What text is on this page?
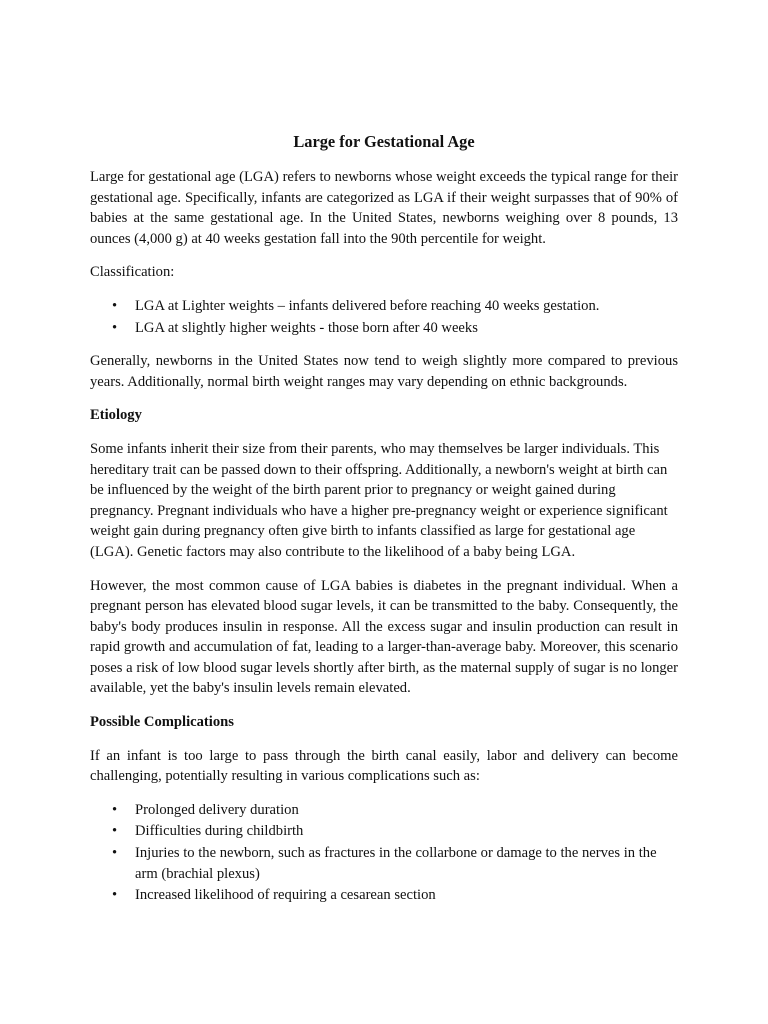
Large for Gestational Age

Large for gestational age (LGA) refers to newborns whose weight exceeds the typical range for their gestational age. Specifically, infants are categorized as LGA if their weight surpasses that of 90% of babies at the same gestational age. In the United States, newborns weighing over 8 pounds, 13 ounces (4,000 g) at 40 weeks gestation fall into the 90th percentile for weight.

Classification:

• LGA at Lighter weights – infants delivered before reaching 40 weeks gestation.
• LGA at slightly higher weights - those born after 40 weeks

Generally, newborns in the United States now tend to weigh slightly more compared to previous years. Additionally, normal birth weight ranges may vary depending on ethnic backgrounds.

Etiology

Some infants inherit their size from their parents, who may themselves be larger individuals. This hereditary trait can be passed down to their offspring. Additionally, a newborn's weight at birth can be influenced by the weight of the birth parent prior to pregnancy or weight gained during pregnancy. Pregnant individuals who have a higher pre-pregnancy weight or experience significant weight gain during pregnancy often give birth to infants classified as large for gestational age (LGA). Genetic factors may also contribute to the likelihood of a baby being LGA.

However, the most common cause of LGA babies is diabetes in the pregnant individual. When a pregnant person has elevated blood sugar levels, it can be transmitted to the baby. Consequently, the baby's body produces insulin in response. All the excess sugar and insulin production can result in rapid growth and accumulation of fat, leading to a larger-than-average baby. Moreover, this scenario poses a risk of low blood sugar levels shortly after birth, as the maternal supply of sugar is no longer available, yet the baby's insulin levels remain elevated.

Possible Complications

If an infant is too large to pass through the birth canal easily, labor and delivery can become challenging, potentially resulting in various complications such as:

• Prolonged delivery duration
• Difficulties during childbirth
• Injuries to the newborn, such as fractures in the collarbone or damage to the nerves in the arm (brachial plexus)
• Increased likelihood of requiring a cesarean section
